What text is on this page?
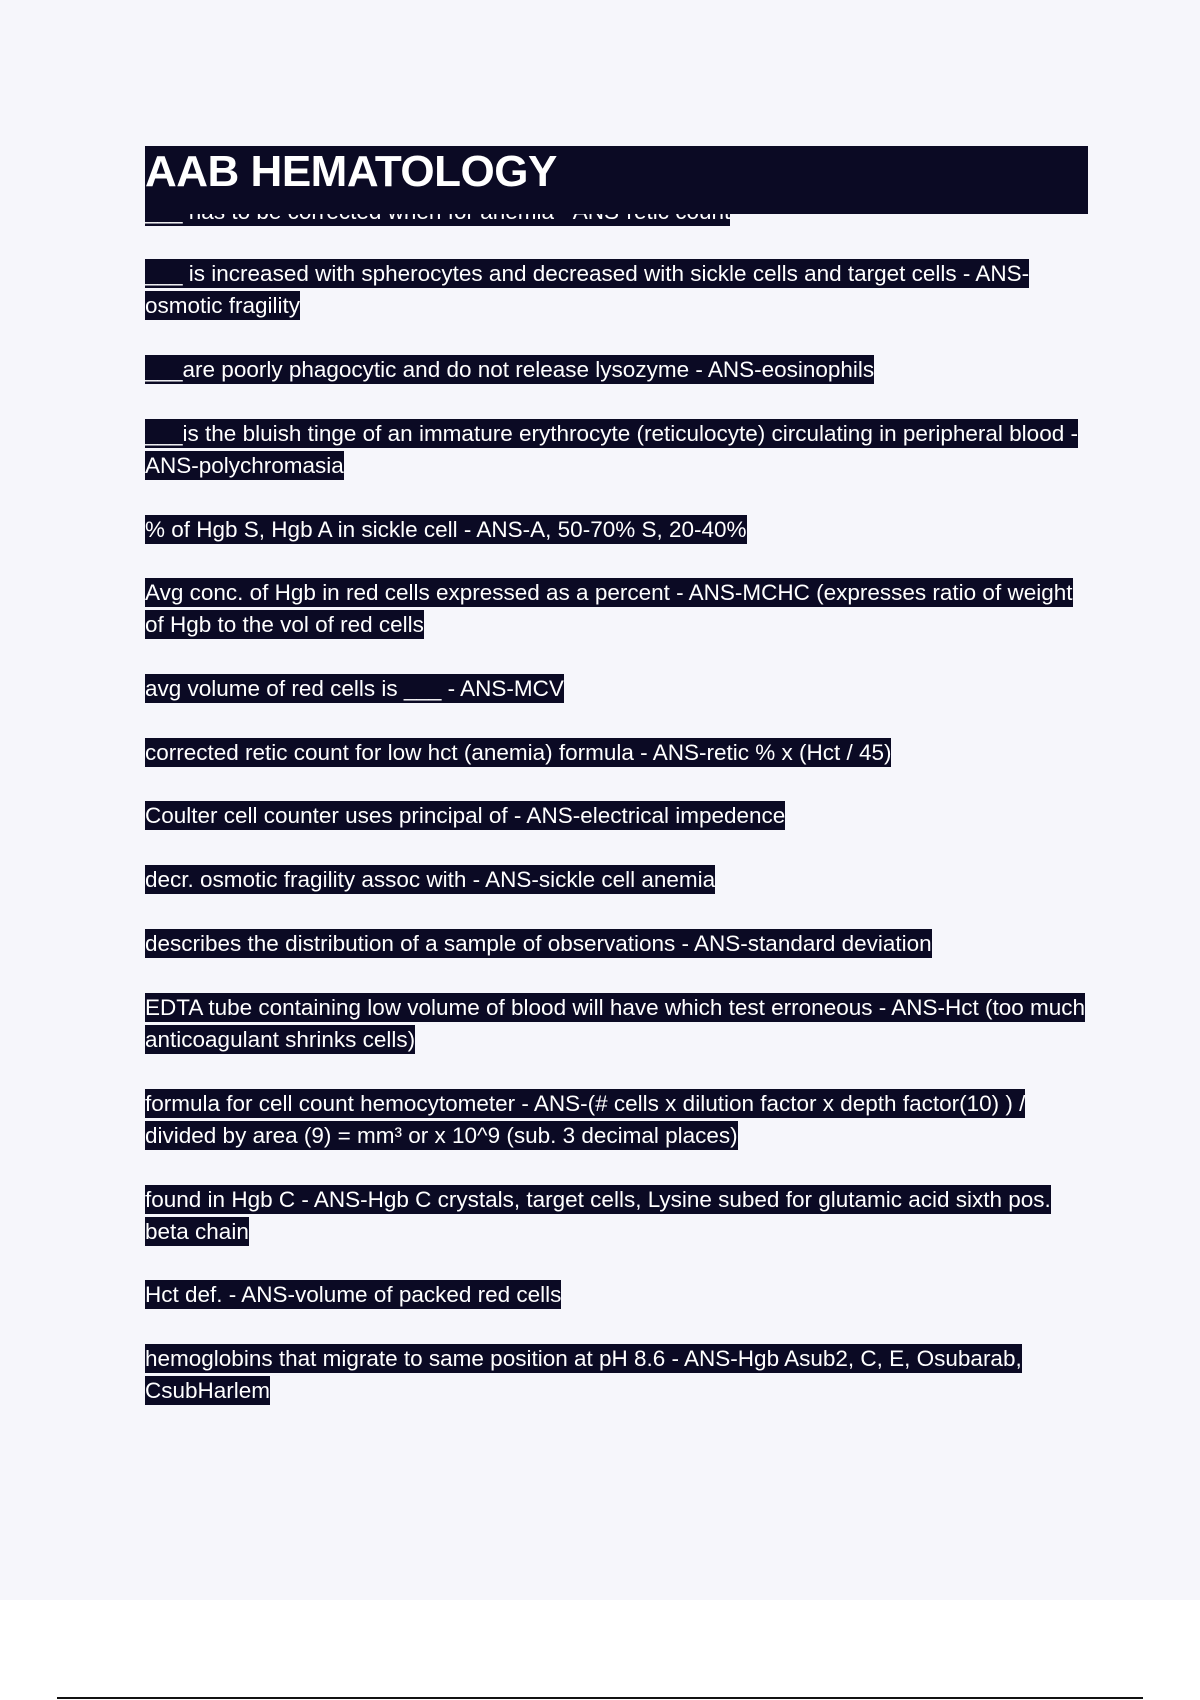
AAB HEMATOLOGY
___ is increased with spherocytes and decreased with sickle cells and target cells - ANS-osmotic fragility
___are poorly phagocytic and do not release lysozyme - ANS-eosinophils
___is the bluish tinge of an immature erythrocyte (reticulocyte) circulating in peripheral blood - ANS-polychromasia
% of Hgb S, Hgb A in sickle cell - ANS-A, 50-70% S, 20-40%
Avg conc. of Hgb in red cells expressed as a percent - ANS-MCHC (expresses ratio of weight of Hgb to the vol of red cells
avg volume of red cells is ___ - ANS-MCV
corrected retic count for low hct (anemia) formula - ANS-retic % x (Hct / 45)
Coulter cell counter uses principal of - ANS-electrical impedence
decr. osmotic fragility assoc with - ANS-sickle cell anemia
describes the distribution of a sample of observations - ANS-standard deviation
EDTA tube containing low volume of blood will have which test erroneous - ANS-Hct (too much anticoagulant shrinks cells)
formula for cell count hemocytometer - ANS-(# cells x dilution factor x depth factor(10) ) / divided by area (9) = mm³ or x 10^9 (sub. 3 decimal places)
found in Hgb C - ANS-Hgb C crystals, target cells, Lysine subed for glutamic acid sixth pos. beta chain
Hct def. - ANS-volume of packed red cells
hemoglobins that migrate to same position at pH 8.6 - ANS-Hgb Asub2, C, E, Osubarab, CsubHarlem
